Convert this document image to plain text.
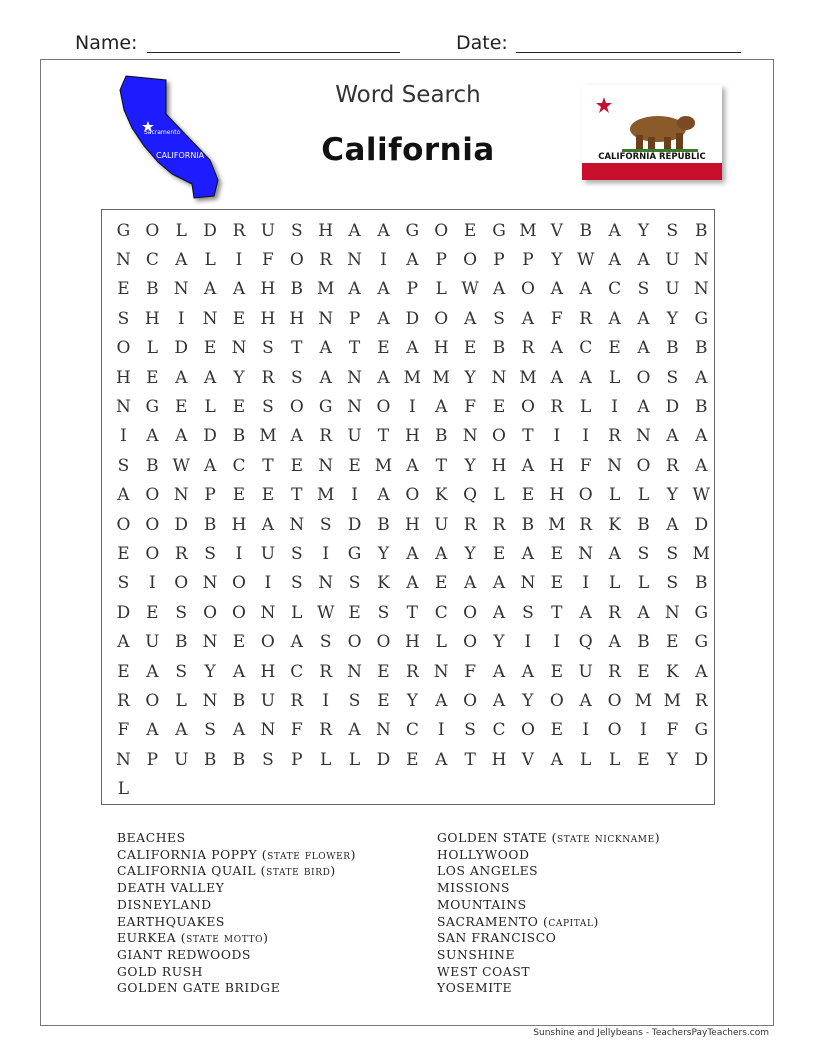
Name:	Date:
Sacramento
CALIFORNIA
Word Search
California	CALIFORNIA REPUBLIC
G O L D R U S H A A G O E G M V B A	Y	S B
N C A	L	I	F O R N	I	A	P O P	P	Y W A A U N
E B N A A H B M A A	P	L W A O A A C S U N
S H	I	N E H H N P	A D O A S A F R A A	Y G
O L D E N S	T	A	T	E A H E B R A C E A B B
H E A A	Y R S A N A M M Y N M A A	L O S A
N G E	L	E S O G N O	I	A F E O R L	I	A D B
I	A A D B M A R U T H B N O T	I	I	R N A A
S B W A C T	E N E M A	T	Y H A H F N O R A
A O N P E E	T M I	A O K Q L	E H O L	L	Y W
O O D B H A N S D B H U R R B M R K B A D
E O R S	I	U S	I	G Y	A A	Y	E A E N A S	S M
S	I	O N O	I	S N S K A E A A N E	I	L	L	S B
D E S O O N L W E S	T C O A S	T	A R A N G
A U B N E O A S O O H L O Y	I	I	Q A B E G
E A S	Y	A H C R N E R N F A A E U R E K A
R O L N B U R	I	S E	Y	A O A	Y O A O M M R
F A A S A N F R A N C	I	S C O E	I	O	I	F G
N P U B B S	P	L	L D E A	T H V A	L	L	E	Y D
L
BEACHES
CALIFORNIA POPPY (state flower)
CALIFORNIA QUAIL (state bird)
DEATH VALLEY
DISNEYLAND
EARTHQUAKES
EURKEA (state motto)
GIANT REDWOODS
GOLD RUSH
GOLDEN GATE BRIDGE
GOLDEN STATE (state nickname)
HOLLYWOOD
LOS ANGELES
MISSIONS
MOUNTAINS
SACRAMENTO (capital)
SAN FRANCISCO
SUNSHINE
WEST COAST
YOSEMITE
Sunshine and Jellybeans - TeachersPayTeachers.com
